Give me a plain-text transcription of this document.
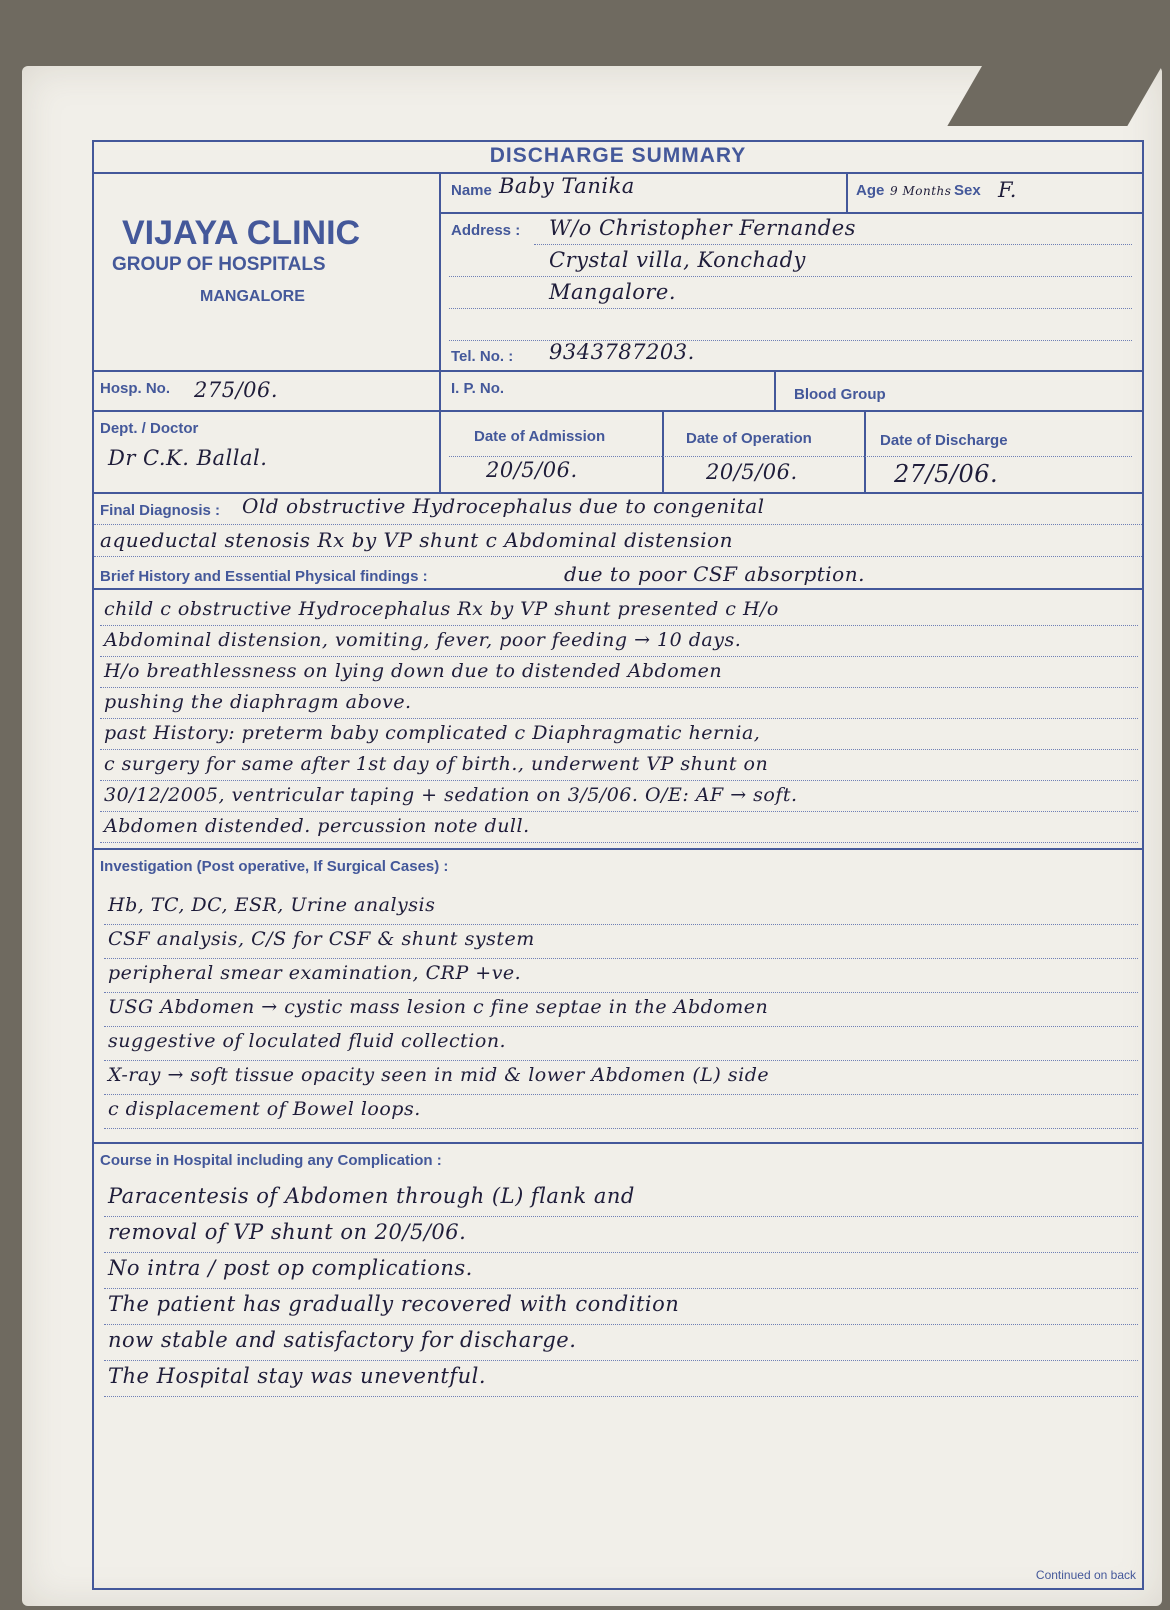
DISCHARGE SUMMARY
VIJAYA CLINIC
GROUP OF HOSPITALS
MANGALORE
Name Baby Tanika	Age 9 Months Sex F.
Address : W/o Christopher Fernandes
Crystal villa, Konchady
Mangalore.
Tel. No. : 9343787203.
Hosp. No. 275/06.	I. P. No.	Blood Group
Dept. / Doctor
Dr C.K. Ballal.
Date of Admission	Date of Operation	Date of Discharge
20/5/06.	20/5/06.	27/5/06.
Final Diagnosis : Old obstructive Hydrocephalus due to congenital
aqueductal stenosis Rx by VP shunt c Abdominal distension
due to poor CSF absorption.
Brief History and Essential Physical findings :
child c obstructive Hydrocephalus Rx by VP shunt presented c H/o
Abdominal distension, vomiting, fever, poor feeding → 10 days.
H/o breathlessness on lying down due to distended Abdomen
pushing the diaphragm above.
past History: preterm baby complicated c Diaphragmatic hernia,
c surgery for same after 1st day of birth., underwent VP shunt on
30/12/2005, ventricular taping + sedation on 3/5/06. O/E: AF → soft.
Abdomen distended. percussion note dull.
Investigation (Post operative, If Surgical Cases) :
Hb, TC, DC, ESR, Urine analysis
CSF analysis, C/S for CSF & shunt system
peripheral smear examination, CRP +ve.
USG Abdomen → cystic mass lesion c fine septae in the Abdomen
suggestive of loculated fluid collection.
X-ray → soft tissue opacity seen in mid & lower Abdomen (L) side
c displacement of Bowel loops.
Course in Hospital including any Complication :
Paracentesis of Abdomen through (L) flank and
removal of VP shunt on 20/5/06.
No intra / post op complications.
The patient has gradually recovered with condition
now stable and satisfactory for discharge.
The Hospital stay was uneventful.
Continued on back
